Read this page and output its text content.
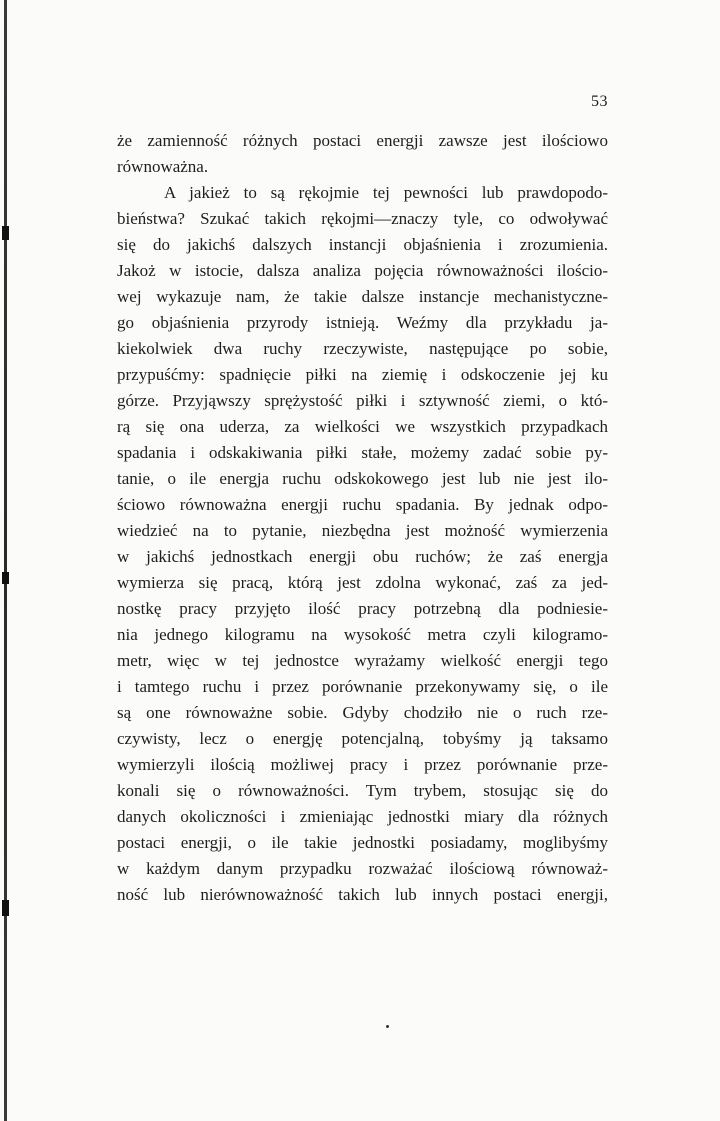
53
że zamienność różnych postaci energji zawsze jest ilościowo
równoważna.
A jakież to są rękojmie tej pewności lub prawdopodo-
bieństwa? Szukać takich rękojmi—znaczy tyle, co odwoływać
się do jakichś dalszych instancji objaśnienia i zrozumienia.
Jakoż w istocie, dalsza analiza pojęcia równoważności ilościo-
wej wykazuje nam, że takie dalsze instancje mechanistyczne-
go objaśnienia przyrody istnieją. Weźmy dla przykładu ja-
kiekolwiek dwa ruchy rzeczywiste, następujące po sobie,
przypuśćmy: spadnięcie piłki na ziemię i odskoczenie jej ku
górze. Przyjąwszy sprężystość piłki i sztywność ziemi, o któ-
rą się ona uderza, za wielkości we wszystkich przypadkach
spadania i odskakiwania piłki stałe, możemy zadać sobie py-
tanie, o ile energja ruchu odskokowego jest lub nie jest ilo-
ściowo równoważna energji ruchu spadania. By jednak odpo-
wiedzieć na to pytanie, niezbędna jest możność wymierzenia
w jakichś jednostkach energji obu ruchów; że zaś energja
wymierza się pracą, którą jest zdolna wykonać, zaś za jed-
nostkę pracy przyjęto ilość pracy potrzebną dla podniesie-
nia jednego kilogramu na wysokość metra czyli kilogramo-
metr, więc w tej jednostce wyrażamy wielkość energji tego
i tamtego ruchu i przez porównanie przekonywamy się, o ile
są one równoważne sobie. Gdyby chodziło nie o ruch rze-
czywisty, lecz o energję potencjalną, tobyśmy ją taksamo
wymierzyli ilością możliwej pracy i przez porównanie prze-
konali się o równoważności. Tym trybem, stosując się do
danych okoliczności i zmieniając jednostki miary dla różnych
postaci energji, o ile takie jednostki posiadamy, moglibyśmy
w każdym danym przypadku rozważać ilościową równoważ-
ność lub nierównoważność takich lub innych postaci energji,
